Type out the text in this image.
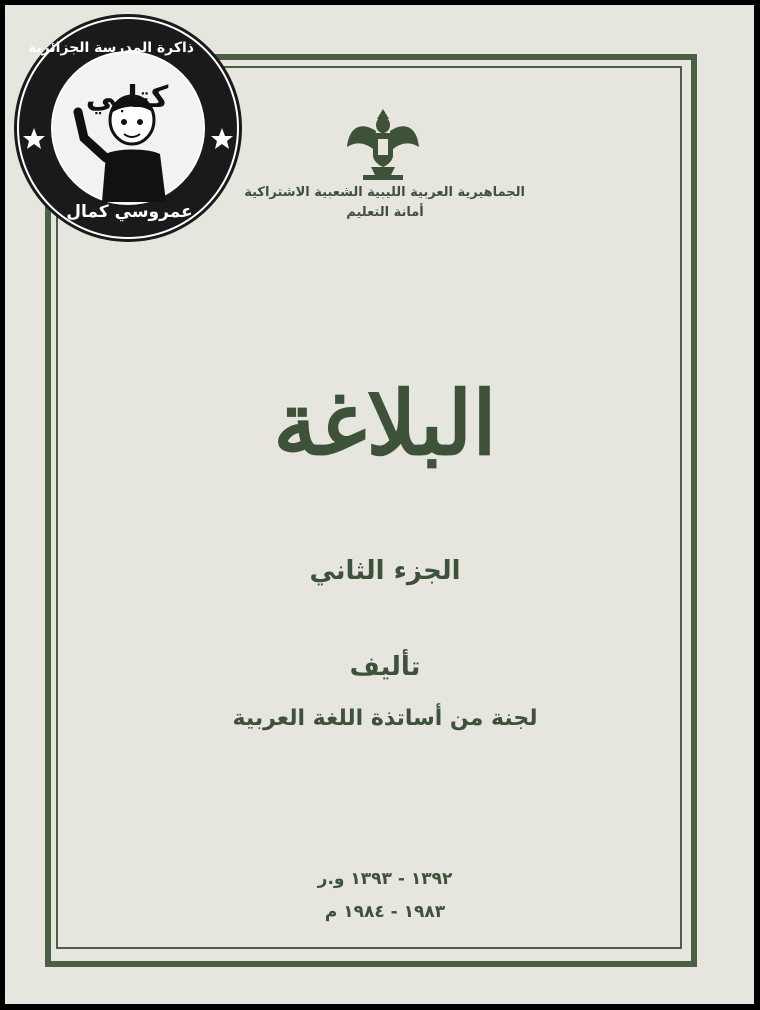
الجماهيرية العربية الليبية الشعبية الاشتراكية
أمانة التعليم
البلاغة
الجزء الثاني
تأليف
لجنة من أساتذة اللغة العربية
١٣٩٢ - ١٣٩٣ و.ر
١٩٨٣ - ١٩٨٤ م
ذاكرة المدرسة الجزائرية
كتابي
عمروسي كمال
